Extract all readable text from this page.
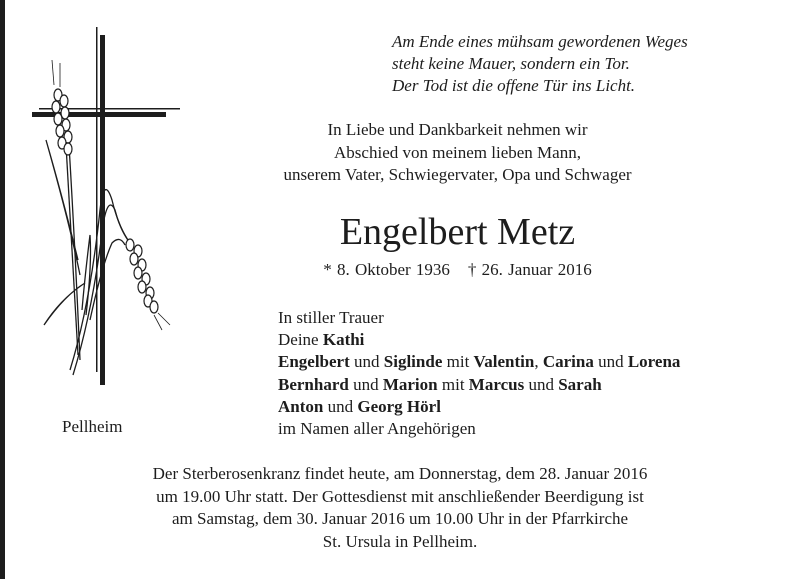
Am Ende eines mühsam gewordenen Weges
steht keine Mauer, sondern ein Tor.
Der Tod ist die offene Tür ins Licht.
In Liebe und Dankbarkeit nehmen wir
Abschied von meinem lieben Mann,
unserem Vater, Schwiegervater, Opa und Schwager
Engelbert Metz
* 8. Oktober 1936 † 26. Januar 2016
In stiller Trauer
Deine Kathi
Engelbert und Siglinde mit Valentin, Carina und Lorena
Bernhard und Marion mit Marcus und Sarah
Anton und Georg Hörl
im Namen aller Angehörigen
Pellheim
Der Sterberosenkranz findet heute, am Donnerstag, dem 28. Januar 2016
um 19.00 Uhr statt. Der Gottesdienst mit anschließender Beerdigung ist
am Samstag, dem 30. Januar 2016 um 10.00 Uhr in der Pfarrkirche
St. Ursula in Pellheim.
